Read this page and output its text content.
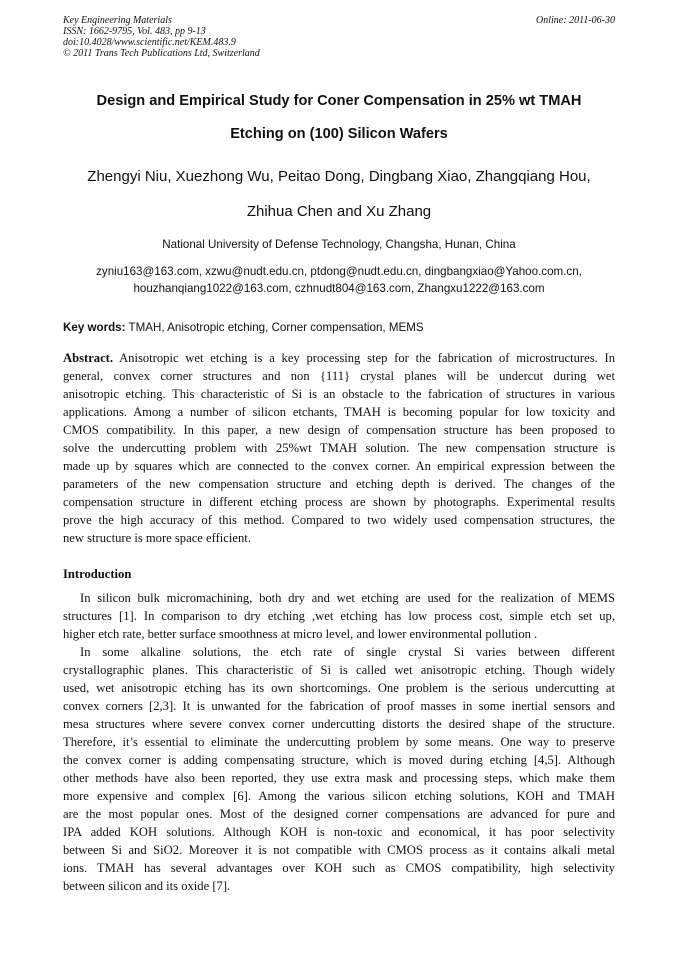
Key Engineering Materials
ISSN: 1662-9795, Vol. 483, pp 9-13
doi:10.4028/www.scientific.net/KEM.483.9
© 2011 Trans Tech Publications Ltd, Switzerland
Online: 2011-06-30
Design and Empirical Study for Coner Compensation in 25% wt TMAH
Etching on (100) Silicon Wafers
Zhengyi Niu, Xuezhong Wu, Peitao Dong, Dingbang Xiao, Zhangqiang Hou,
Zhihua Chen and Xu Zhang
National University of Defense Technology, Changsha, Hunan, China
zyniu163@163.com, xzwu@nudt.edu.cn, ptdong@nudt.edu.cn, dingbangxiao@Yahoo.com.cn,
houzhanqiang1022@163.com, czhnudt804@163.com, Zhangxu1222@163.com
Key words: TMAH, Anisotropic etching, Corner compensation, MEMS
Abstract. Anisotropic wet etching is a key processing step for the fabrication of microstructures. In
general, convex corner structures and non {111} crystal planes will be undercut during wet
anisotropic etching. This characteristic of Si is an obstacle to the fabrication of structures in various
applications. Among a number of silicon etchants, TMAH is becoming popular for low toxicity and
CMOS compatibility. In this paper, a new design of compensation structure has been proposed to
solve the undercutting problem with 25%wt TMAH solution. The new compensation structure is
made up by squares which are connected to the convex corner. An empirical expression between the
parameters of the new compensation structure and etching depth is derived. The changes of the
compensation structure in different etching process are shown by photographs. Experimental results
prove the high accuracy of this method. Compared to two widely used compensation structures, the
new structure is more space efficient.
Introduction
In silicon bulk micromachining, both dry and wet etching are used for the realization of MEMS
structures [1]. In comparison to dry etching ,wet etching has low process cost, simple etch set up,
higher etch rate, better surface smoothness at micro level, and lower environmental pollution .
In some alkaline solutions, the etch rate of single crystal Si varies between different
crystallographic planes. This characteristic of Si is called wet anisotropic etching. Though widely
used, wet anisotropic etching has its own shortcomings. One problem is the serious undercutting at
convex corners [2,3]. It is unwanted for the fabrication of proof masses in some inertial sensors and
mesa structures where severe convex corner undercutting distorts the desired shape of the structure.
Therefore, it’s essential to eliminate the undercutting problem by some means. One way to preserve
the convex corner is adding compensating structure, which is moved during etching [4,5]. Although
other methods have also been reported, they use extra mask and processing steps, which make them
more expensive and complex [6]. Among the various silicon etching solutions, KOH and TMAH
are the most popular ones. Most of the designed corner compensations are advanced for pure and
IPA added KOH solutions. Although KOH is non-toxic and economical, it has poor selectivity
between Si and SiO2. Moreover it is not compatible with CMOS process as it contains alkali metal
ions. TMAH has several advantages over KOH such as CMOS compatibility, high selectivity
between silicon and its oxide [7].
